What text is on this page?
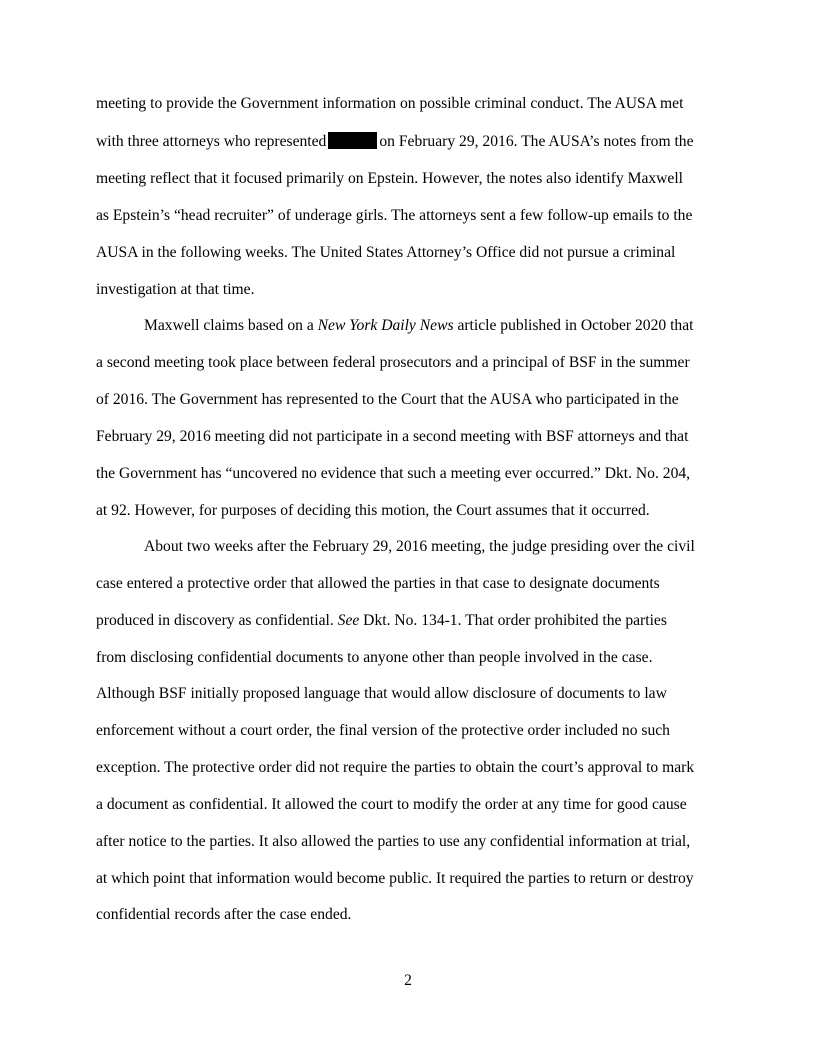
meeting to provide the Government information on possible criminal conduct. The AUSA met

with three attorneys who represented	on February 29, 2016. The AUSA’s notes from the

meeting reflect that it focused primarily on Epstein. However, the notes also identify Maxwell

as Epstein’s “head recruiter” of underage girls. The attorneys sent a few follow-up emails to the

AUSA in the following weeks. The United States Attorney’s Office did not pursue a criminal

investigation at that time.

Maxwell claims based on a New York Daily News article published in October 2020 that

a second meeting took place between federal prosecutors and a principal of BSF in the summer

of 2016. The Government has represented to the Court that the AUSA who participated in the

February 29, 2016 meeting did not participate in a second meeting with BSF attorneys and that

the Government has “uncovered no evidence that such a meeting ever occurred.” Dkt. No. 204,

at 92. However, for purposes of deciding this motion, the Court assumes that it occurred.

About two weeks after the February 29, 2016 meeting, the judge presiding over the civil

case entered a protective order that allowed the parties in that case to designate documents

produced in discovery as confidential. See Dkt. No. 134-1. That order prohibited the parties

from disclosing confidential documents to anyone other than people involved in the case.

Although BSF initially proposed language that would allow disclosure of documents to law

enforcement without a court order, the final version of the protective order included no such

exception. The protective order did not require the parties to obtain the court’s approval to mark

a document as confidential. It allowed the court to modify the order at any time for good cause

after notice to the parties. It also allowed the parties to use any confidential information at trial,

at which point that information would become public. It required the parties to return or destroy

confidential records after the case ended.

2
